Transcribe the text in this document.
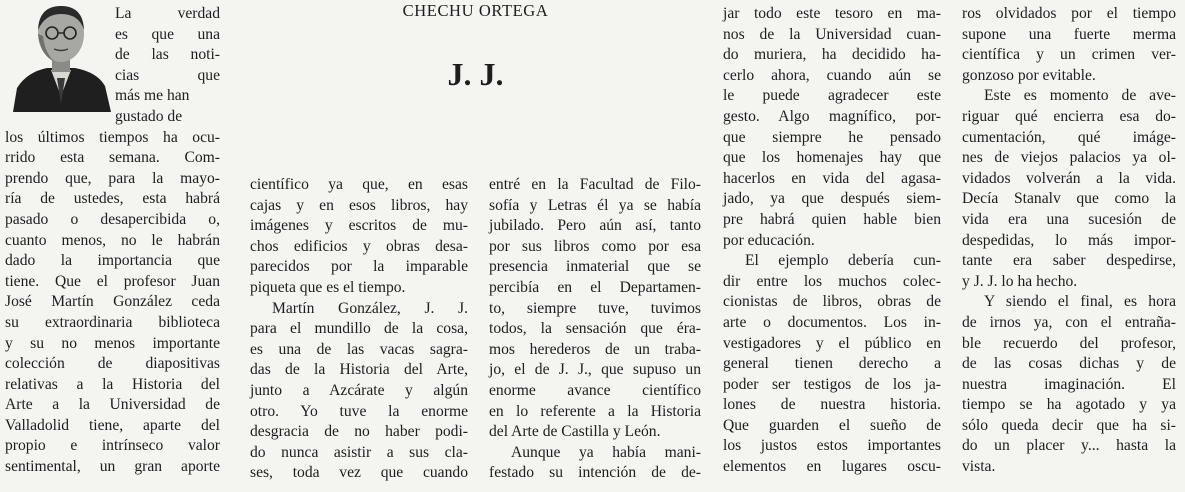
CHECHU ORTEGA
J. J.
La verdad
es que una
de las noti-
cias que
más me han
gustado de
los últimos tiempos ha ocu-
rrido esta semana. Com-
prendo que, para la mayo-
ría de ustedes, esta habrá
pasado o desapercibida o,
cuanto menos, no le habrán
dado la importancia que
tiene. Que el profesor Juan
José Martín González ceda
su extraordinaria biblioteca
y su no menos importante
colección de diapositivas
relativas a la Historia del
Arte a la Universidad de
Valladolid tiene, aparte del
propio e intrínseco valor
sentimental, un gran aporte
científico ya que, en esas
cajas y en esos libros, hay
imágenes y escritos de mu-
chos edificios y obras desa-
parecidos por la imparable
piqueta que es el tiempo.
Martín González, J. J.
para el mundillo de la cosa,
es una de las vacas sagra-
das de la Historia del Arte,
junto a Azcárate y algún
otro. Yo tuve la enorme
desgracia de no haber podi-
do nunca asistir a sus cla-
ses, toda vez que cuando
entré en la Facultad de Filo-
sofía y Letras él ya se había
jubilado. Pero aún así, tanto
por sus libros como por esa
presencia inmaterial que se
percibía en el Departamen-
to, siempre tuve, tuvimos
todos, la sensación que éra-
mos herederos de un traba-
jo, el de J. J., que supuso un
enorme avance científico
en lo referente a la Historia
del Arte de Castilla y León.
Aunque ya había mani-
festado su intención de de-
jar todo este tesoro en ma-
nos de la Universidad cuan-
do muriera, ha decidido ha-
cerlo ahora, cuando aún se
le puede agradecer este
gesto. Algo magnífico, por-
que siempre he pensado
que los homenajes hay que
hacerlos en vida del agasa-
jado, ya que después siem-
pre habrá quien hable bien
por educación.
El ejemplo debería cun-
dir entre los muchos colec-
cionistas de libros, obras de
arte o documentos. Los in-
vestigadores y el público en
general tienen derecho a
poder ser testigos de los ja-
lones de nuestra historia.
Que guarden el sueño de
los justos estos importantes
elementos en lugares oscu-
ros olvidados por el tiempo
supone una fuerte merma
científica y un crimen ver-
gonzoso por evitable.
Este es momento de ave-
riguar qué encierra esa do-
cumentación, qué imáge-
nes de viejos palacios ya ol-
vidados volverán a la vida.
Decía Stanalv que como la
vida era una sucesión de
despedidas, lo más impor-
tante era saber despedirse,
y J. J. lo ha hecho.
Y siendo el final, es hora
de irnos ya, con el entraña-
ble recuerdo del profesor,
de las cosas dichas y de
nuestra imaginación. El
tiempo se ha agotado y ya
sólo queda decir que ha si-
do un placer y... hasta la
vista.
